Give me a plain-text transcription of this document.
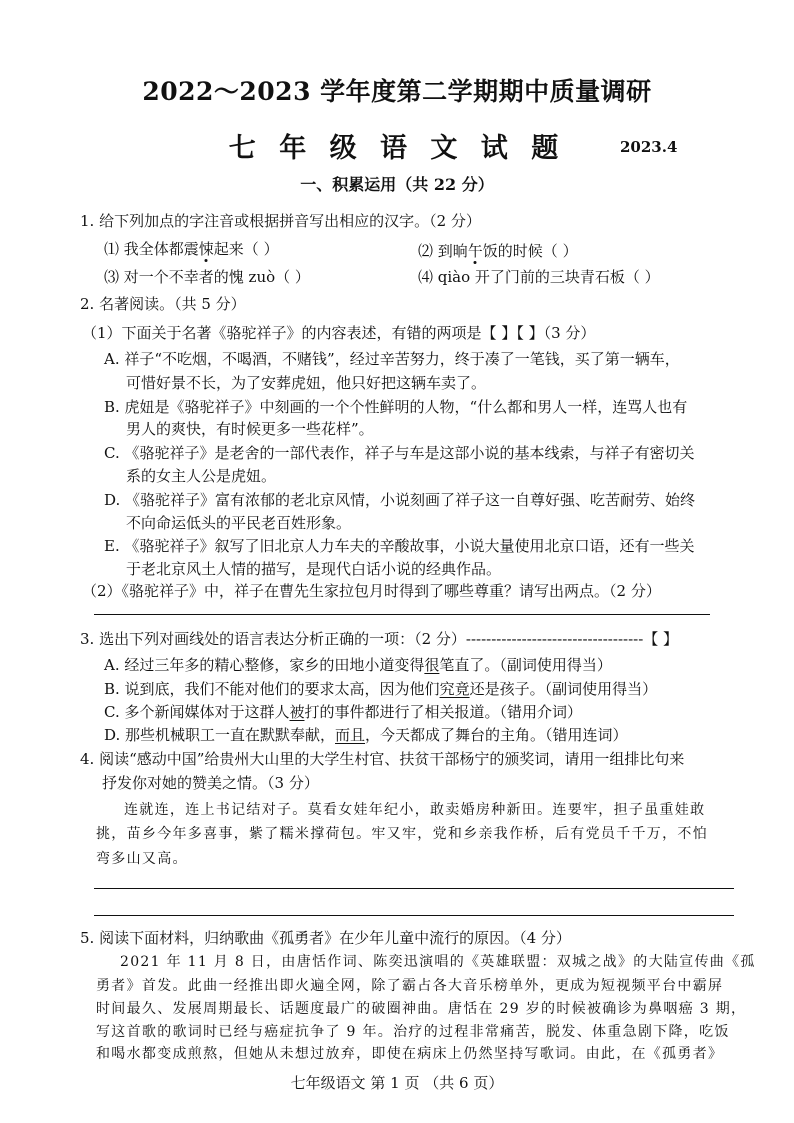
2022～2023 学年度第二学期期中质量调研
七 年 级 语 文 试 题	2023.4
一、积累运用（共 22 分）
1. 给下列加点的字注音或根据拼音写出相应的汉字。（2 分）
⑴ 我全体都震悚起来（ ）	⑵ 到晌午饭的时候（ ）
⑶ 对一个不幸者的愧 zuò（ ）	⑷ qiào 开了门前的三块青石板（ ）
2. 名著阅读。（共 5 分）
（1）下面关于名著《骆驼祥子》的内容表述，有错的两项是【 】【 】（3 分）
A. 祥子“不吃烟，不喝酒，不赌钱”，经过辛苦努力，终于凑了一笔钱，买了第一辆车，
可惜好景不长，为了安葬虎妞，他只好把这辆车卖了。
B. 虎妞是《骆驼祥子》中刻画的一个个性鲜明的人物，“什么都和男人一样，连骂人也有
男人的爽快，有时候更多一些花样”。
C. 《骆驼祥子》是老舍的一部代表作，祥子与车是这部小说的基本线索，与祥子有密切关
系的女主人公是虎妞。
D. 《骆驼祥子》富有浓郁的老北京风情，小说刻画了祥子这一自尊好强、吃苦耐劳、始终
不向命运低头的平民老百姓形象。
E. 《骆驼祥子》叙写了旧北京人力车夫的辛酸故事，小说大量使用北京口语，还有一些关
于老北京风土人情的描写，是现代白话小说的经典作品。
（2）《骆驼祥子》中，祥子在曹先生家拉包月时得到了哪些尊重？请写出两点。（2 分）
3. 选出下列对画线处的语言表达分析正确的一项：（2 分）-----------------------------------【 】
A. 经过三年多的精心整修，家乡的田地小道变得很笔直了。（副词使用得当）
B. 说到底，我们不能对他们的要求太高，因为他们究竟还是孩子。（副词使用得当）
C. 多个新闻媒体对于这群人被打的事件都进行了相关报道。（错用介词）
D. 那些机械职工一直在默默奉献，而且，今天都成了舞台的主角。（错用连词）
4. 阅读“感动中国”给贵州大山里的大学生村官、扶贫干部杨宁的颁奖词，请用一组排比句来
抒发你对她的赞美之情。（3 分）
连就连，连上书记结对子。莫看女娃年纪小，敢卖婚房种新田。连要牢，担子虽重娃敢
挑，苗乡今年多喜事，紫了糯米撑荷包。牢又牢，党和乡亲我作桥，后有党员千千万，不怕
弯多山又高。
5. 阅读下面材料，归纳歌曲《孤勇者》在少年儿童中流行的原因。（4 分）
2021 年 11 月 8 日，由唐恬作词、陈奕迅演唱的《英雄联盟：双城之战》的大陆宣传曲《孤
勇者》首发。此曲一经推出即火遍全网，除了霸占各大音乐榜单外，更成为短视频平台中霸屏
时间最久、发展周期最长、话题度最广的破圈神曲。唐恬在 29 岁的时候被确诊为鼻咽癌 3 期，
写这首歌的歌词时已经与癌症抗争了 9 年。治疗的过程非常痛苦，脱发、体重急剧下降，吃饭
和喝水都变成煎熬，但她从未想过放弃，即使在病床上仍然坚持写歌词。由此，在《孤勇者》
七年级语文 第 1 页 （共 6 页）
